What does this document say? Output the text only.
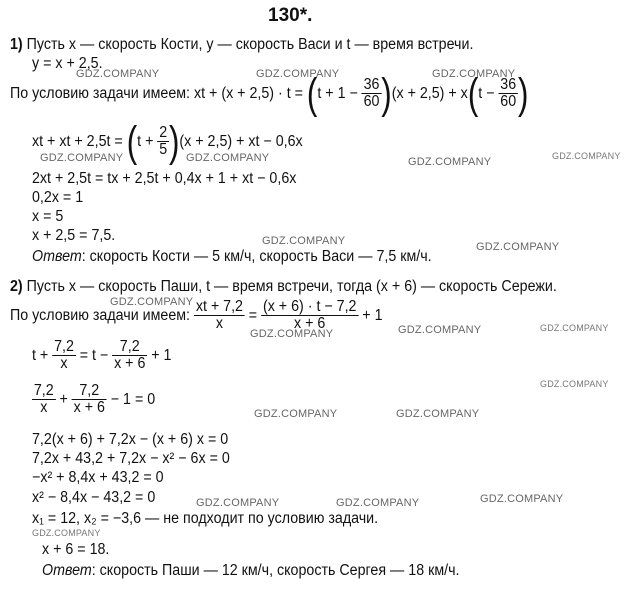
130*.
1) Пусть x — скорость Кости, y — скорость Васи и t — время встречи.
y = x + 2,5.
По условию задачи имеем: xt + $(x + 2,5) \cdot t = (t + 1 - \frac{36}{60} )(x + 2,5) + x(t - \frac{36}{60}$ )
xt + xt + $2,5t = (t + \frac{2}{5} )(x + 2,5)$ + xt − 0,6x
2xt + 2,5t = tx + 2,5t + 0,4x + 1 + xt − 0,6x
0,2x = 1
x = 5
x + 2,5 = 7,5.
Ответ: скорость Кости — 5 км/ч, скорость Васи — 7,5 км/ч.
2) Пусть x — скорость Паши, t — время встречи, тогда (x + 6) — скорость Сережи.
По условию задачи имеем: $\frac{xt + 7,2}{x} = \frac{(x + 6) \cdot t - 7,2}{x + 6} + 1$
$t + \frac{7,2}{x} = t - \frac{7,2}{x + 6} + 1$
$\frac{7,2}{x} + \frac{7,2}{x + 6} - 1 = 0$
7,2(x + 6) + 7,2x − (x + 6) x = 0
7,2x + 43,2 + 7,2x − x² − 6x = 0
−x² + 8,4x + 43,2 = 0
x² − 8,4x − 43,2 = 0
x₁ = 12, x₂ = −3,6 — не подходит по условию задачи.
x + 6 = 18.
Ответ: скорость Паши — 12 км/ч, скорость Сергея — 18 км/ч.
GDZ.COMPANY	GDZ.COMPANY	GDZ.COMPANY
GDZ.COMPANY	GDZ.COMPANY	GDZ.COMPANY	GDZ.COMPANY
GDZ.COMPANY	GDZ.COMPANY
GDZ.COMPANY
GDZ.COMPANY	GDZ.COMPANY	GDZ.COMPANY
GDZ.COMPANY
GDZ.COMPANY	GDZ.COMPANY
GDZ.COMPANY	GDZ.COMPANY	GDZ.COMPANY
GDZ.COMPANY
